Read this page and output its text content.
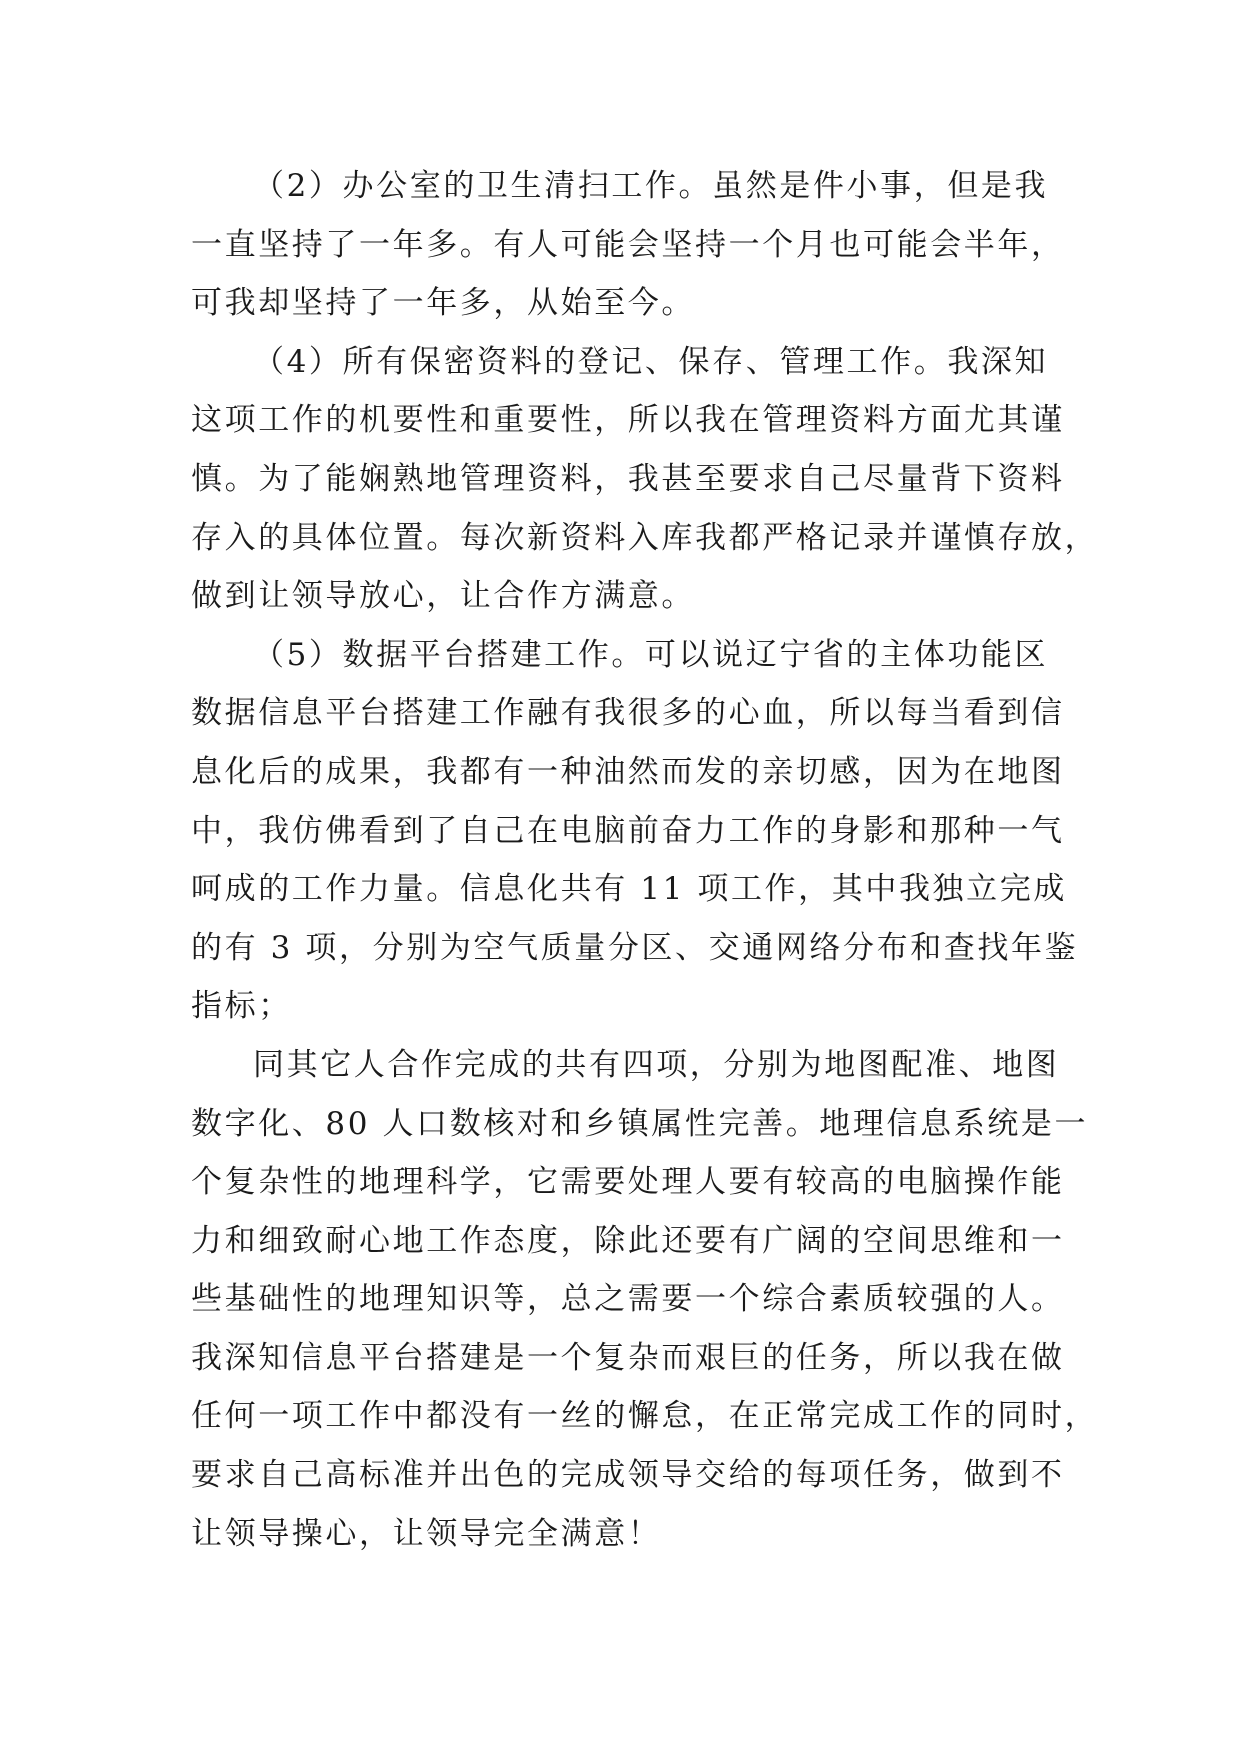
（2）办公室的卫生清扫工作。虽然是件小事，但是我
一直坚持了一年多。有人可能会坚持一个月也可能会半年，
可我却坚持了一年多，从始至今。
（4）所有保密资料的登记、保存、管理工作。我深知
这项工作的机要性和重要性，所以我在管理资料方面尤其谨
慎。为了能娴熟地管理资料，我甚至要求自己尽量背下资料
存入的具体位置。每次新资料入库我都严格记录并谨慎存放，
做到让领导放心，让合作方满意。
（5）数据平台搭建工作。可以说辽宁省的主体功能区
数据信息平台搭建工作融有我很多的心血，所以每当看到信
息化后的成果，我都有一种油然而发的亲切感，因为在地图
中，我仿佛看到了自己在电脑前奋力工作的身影和那种一气
呵成的工作力量。信息化共有 11 项工作，其中我独立完成
的有 3 项，分别为空气质量分区、交通网络分布和查找年鉴
指标；
同其它人合作完成的共有四项，分别为地图配准、地图
数字化、80 人口数核对和乡镇属性完善。地理信息系统是一
个复杂性的地理科学，它需要处理人要有较高的电脑操作能
力和细致耐心地工作态度，除此还要有广阔的空间思维和一
些基础性的地理知识等，总之需要一个综合素质较强的人。
我深知信息平台搭建是一个复杂而艰巨的任务，所以我在做
任何一项工作中都没有一丝的懈怠，在正常完成工作的同时，
要求自己高标准并出色的完成领导交给的每项任务，做到不
让领导操心，让领导完全满意！
